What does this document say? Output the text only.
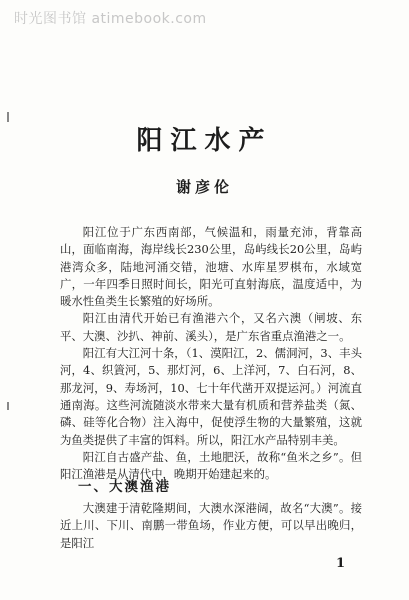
时光图书馆 atimebook.com
阳江水产
谢彦伦

阳江位于广东西南部，气候温和，雨量充沛，背靠高山，面临南海，海岸线长230公里，岛屿线长20公里，岛屿港湾众多，陆地河涌交错，池塘、水库星罗棋布，水域宽广，一年四季日照时间长，阳光可直射海底，温度适中，为暖水性鱼类生长繁殖的好场所。

阳江由清代开始已有渔港六个，又名六澳（闸坡、东平、大澳、沙扒、神前、溪头），是广东省重点渔港之一。

阳江有大江河十条，（1、漠阳江，2、儒洞河，3、丰头河，4、织篢河，5、那灯河，6、上洋河，7、白石河，8、那龙河，9、寿场河，10、七十年代凿开双提运河。）河流直通南海。这些河流随淡水带来大量有机质和营养盐类（氮、磷、硅等化合物）注入海中，促使浮生物的大量繁殖，这就为鱼类提供了丰富的饵料。所以，阳江水产品特别丰美。

阳江自古盛产盐、鱼，土地肥沃，故称“鱼米之乡”。但阳江渔港是从清代中，晚期开始建起来的。

一、大澳渔港

大澳建于清乾隆期间，大澳水深港阔，故名“大澳”。接近上川、下川、南鹏一带鱼场，作业方便，可以早出晚归，是阳江

1
